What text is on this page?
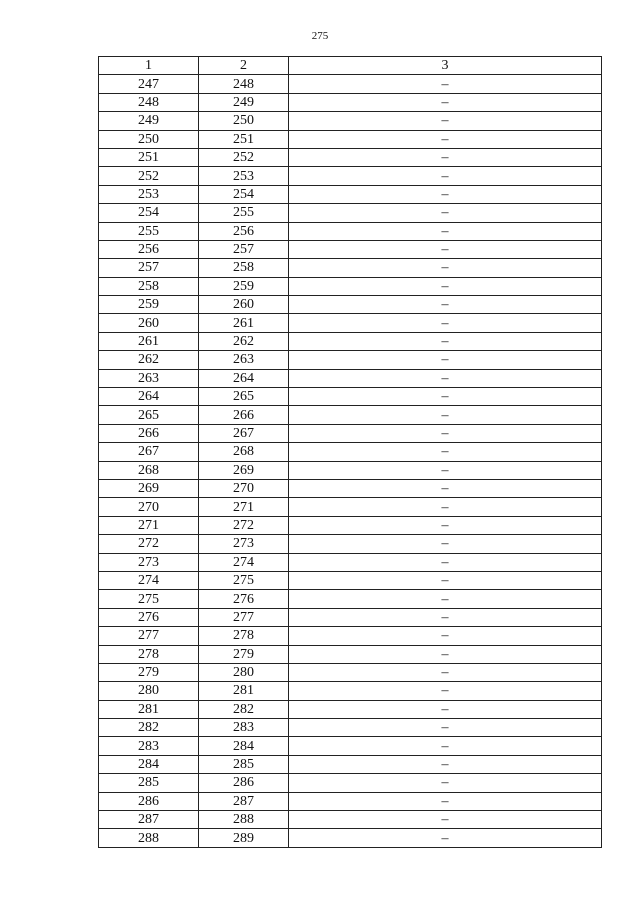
275
1	2	3
247	248	–
248	249	–
249	250	–
250	251	–
251	252	–
252	253	–
253	254	–
254	255	–
255	256	–
256	257	–
257	258	–
258	259	–
259	260	–
260	261	–
261	262	–
262	263	–
263	264	–
264	265	–
265	266	–
266	267	–
267	268	–
268	269	–
269	270	–
270	271	–
271	272	–
272	273	–
273	274	–
274	275	–
275	276	–
276	277	–
277	278	–
278	279	–
279	280	–
280	281	–
281	282	–
282	283	–
283	284	–
284	285	–
285	286	–
286	287	–
287	288	–
288	289	–
